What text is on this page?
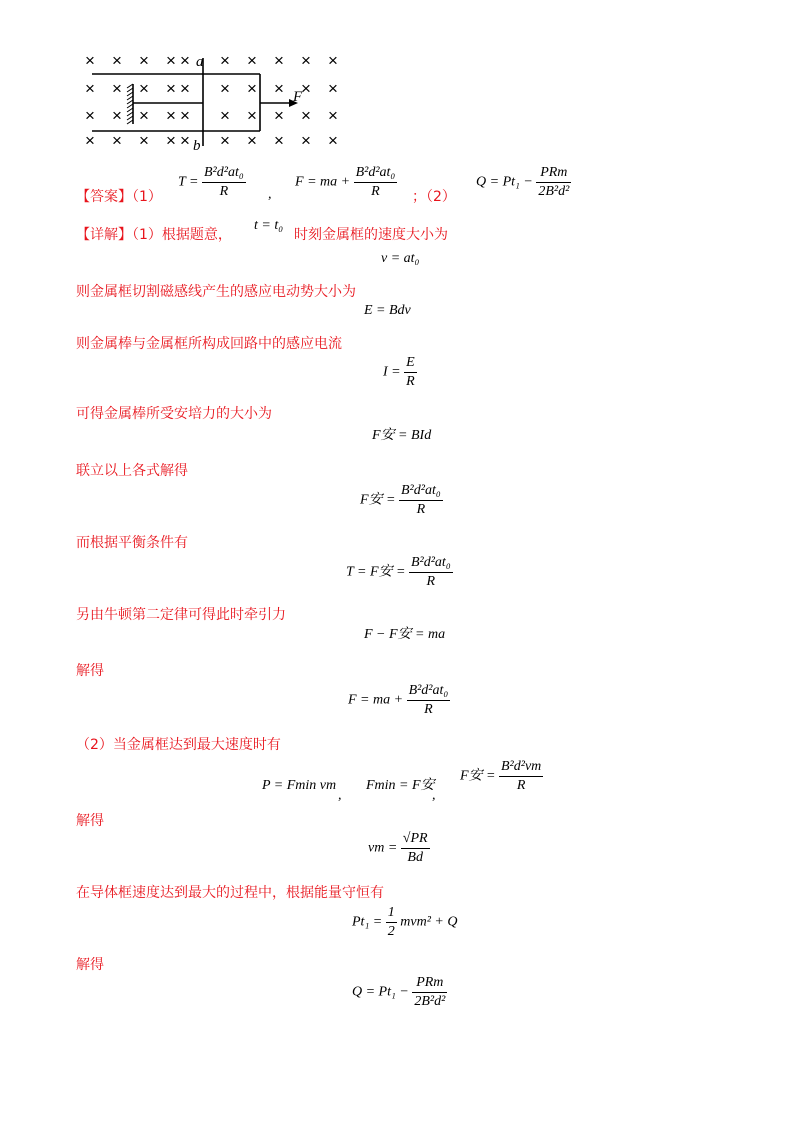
× × × ×	× × × × ×
× × × ×	× × × × ×
× × × ×	× × × × ×
× × × ×	× × × × ×
×
×
×
×
a
b
F
【答案】（1）
$T = \frac{\text{B²d²at₀}}{R}$ ,
F = ma + $\frac{\text{B²d²at₀}}{R}$ ；（2）
$Q = Pt_1 - \frac{\text{PRm}}{\text{2B²d²}}$
【详解】（1）根据题意，
t = t₀
时刻金属框的速度大小为
v = at₀
则金属框切割磁感线产生的感应电动势大小为
E = Bdv
则金属棒与金属框所构成回路中的感应电流
$I = \frac{E}{R}$
可得金属棒所受安培力的大小为
F安 = BId
联立以上各式解得
F安 = $\frac{\text{B²d²at₀}}{R}$
而根据平衡条件有
T = F安 = $\frac{\text{B²d²at₀}}{R}$
另由牛顿第二定律可得此时牵引力
F − F安 = ma
解得
F = ma + $\frac{\text{B²d²at₀}}{R}$
（2）当金属框达到最大速度时有
P = Fmin vm
,
Fmin = F安
,
F安 = $\frac{\text{B²d²vm}}{R}$
解得
vm = $\frac{√PR}{Bd}$
在导体框速度达到最大的过程中，根据能量守恒有
$Pt_1 = \frac{1}{2} mvm^2 + Q$
解得
$Q = Pt_1 - \frac{\text{PRm}}{\text{2B²d²}}$
